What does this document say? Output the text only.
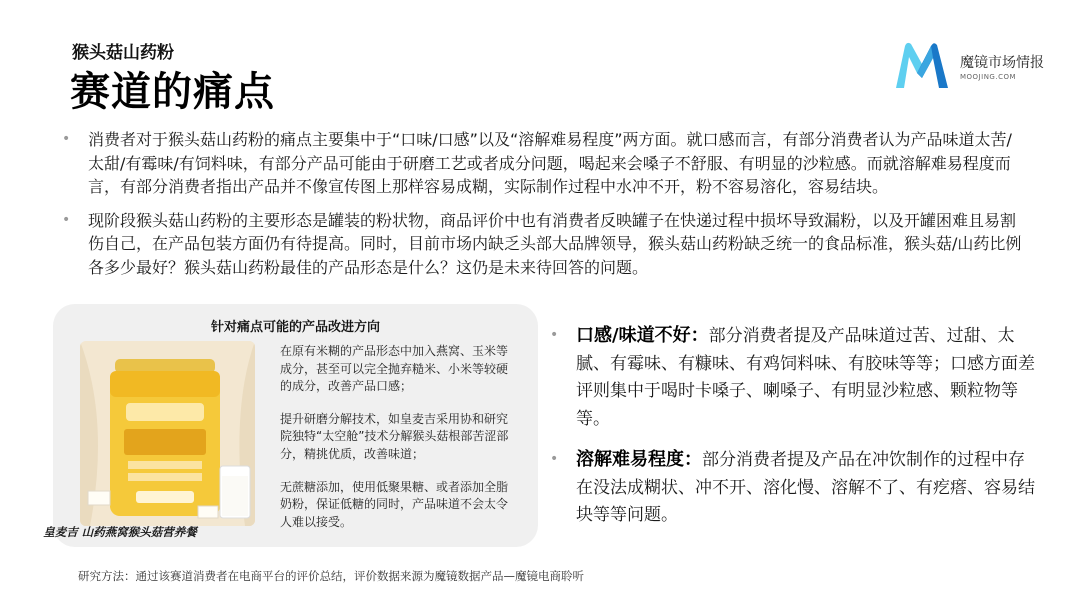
猴头菇山药粉
赛道的痛点
魔镜市场情报
MOOJING.COM
• 消费者对于猴头菇山药粉的痛点主要集中于“口味/口感”以及“溶解难易程度”两方面。就口感而言，有部分消费者认为产品味道太苦/太甜/有霉味/有饲料味，有部分产品可能由于研磨工艺或者成分问题，喝起来会嗓子不舒服、有明显的沙粒感。而就溶解难易程度而言，有部分消费者指出产品并不像宣传图上那样容易成糊，实际制作过程中水冲不开，粉不容易溶化，容易结块。
• 现阶段猴头菇山药粉的主要形态是罐装的粉状物，商品评价中也有消费者反映罐子在快递过程中损坏导致漏粉，以及开罐困难且易割伤自己，在产品包装方面仍有待提高。同时，目前市场内缺乏头部大品牌领导，猴头菇山药粉缺乏统一的食品标准，猴头菇/山药比例各多少最好？猴头菇山药粉最佳的产品形态是什么？这仍是未来待回答的问题。
针对痛点可能的产品改进方向

在原有米糊的产品形态中加入燕窝、玉米等成分，甚至可以完全抛弃糙米、小米等较硬的成分，改善产品口感；

提升研磨分解技术，如皇麦吉采用协和研究院独特“太空舱”技术分解猴头菇根部苦涩部分，精挑优质，改善味道；

无蔗糖添加，使用低聚果糖、或者添加全脂奶粉，保证低糖的同时，产品味道不会太令人难以接受。

皇麦吉 山药燕窝猴头菇营养餐
• 口感/味道不好：部分消费者提及产品味道过苦、过甜、太腻、有霉味、有糠味、有鸡饲料味、有胶味等等；口感方面差评则集中于喝时卡嗓子、喇嗓子、有明显沙粒感、颗粒物等等。
• 溶解难易程度：部分消费者提及产品在冲饮制作的过程中存在没法成糊状、冲不开、溶化慢、溶解不了、有疙瘩、容易结块等等问题。
研究方法：通过该赛道消费者在电商平台的评价总结，评价数据来源为魔镜数据产品—魔镜电商聆听
